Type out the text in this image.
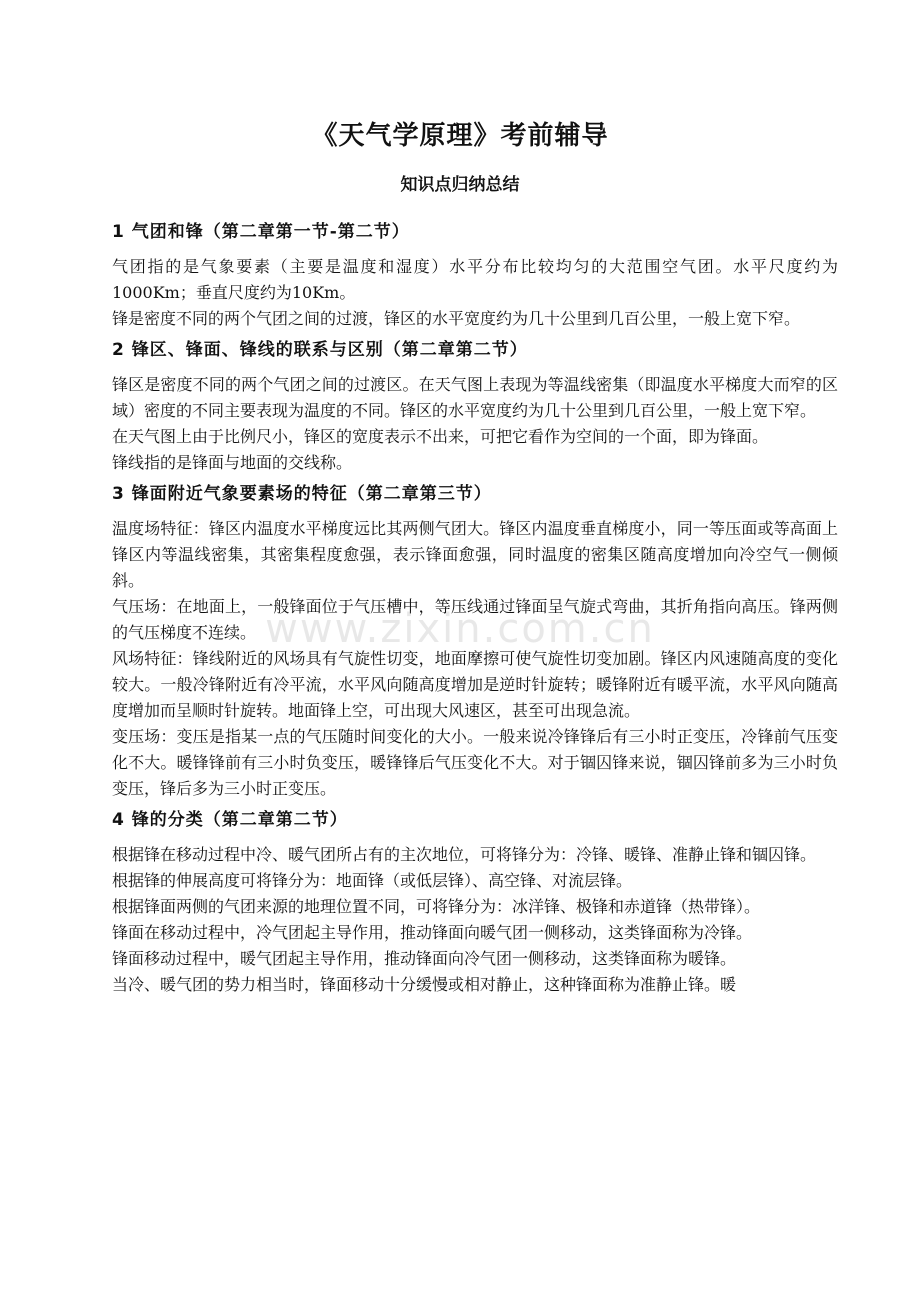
《天气学原理》考前辅导
知识点归纳总结
1 气团和锋（第二章第一节-第二节）

气团指的是气象要素（主要是温度和湿度）水平分布比较均匀的大范围空气团。水平尺度约为1000Km；垂直尺度约为10Km。

锋是密度不同的两个气团之间的过渡，锋区的水平宽度约为几十公里到几百公里，一般上宽下窄。

2 锋区、锋面、锋线的联系与区别（第二章第二节）

锋区是密度不同的两个气团之间的过渡区。在天气图上表现为等温线密集（即温度水平梯度大而窄的区域）密度的不同主要表现为温度的不同。锋区的水平宽度约为几十公里到几百公里，一般上宽下窄。

在天气图上由于比例尺小，锋区的宽度表示不出来，可把它看作为空间的一个面，即为锋面。

锋线指的是锋面与地面的交线称。

3 锋面附近气象要素场的特征（第二章第三节）

温度场特征：锋区内温度水平梯度远比其两侧气团大。锋区内温度垂直梯度小，同一等压面或等高面上锋区内等温线密集，其密集程度愈强，表示锋面愈强，同时温度的密集区随高度增加向冷空气一侧倾斜。

气压场：在地面上，一般锋面位于气压槽中，等压线通过锋面呈气旋式弯曲，其折角指向高压。锋两侧的气压梯度不连续。

风场特征：锋线附近的风场具有气旋性切变，地面摩擦可使气旋性切变加剧。锋区内风速随高度的变化较大。一般冷锋附近有冷平流，水平风向随高度增加是逆时针旋转；暖锋附近有暖平流，水平风向随高度增加而呈顺时针旋转。地面锋上空，可出现大风速区，甚至可出现急流。

变压场：变压是指某一点的气压随时间变化的大小。一般来说冷锋锋后有三小时正变压，冷锋前气压变化不大。暖锋锋前有三小时负变压，暖锋锋后气压变化不大。对于锢囚锋来说，锢囚锋前多为三小时负变压，锋后多为三小时正变压。

4 锋的分类（第二章第二节）

根据锋在移动过程中冷、暖气团所占有的主次地位，可将锋分为：冷锋、暖锋、准静止锋和锢囚锋。

根据锋的伸展高度可将锋分为：地面锋（或低层锋）、高空锋、对流层锋。

根据锋面两侧的气团来源的地理位置不同，可将锋分为：冰洋锋、极锋和赤道锋（热带锋）。

锋面在移动过程中，冷气团起主导作用，推动锋面向暖气团一侧移动，这类锋面称为冷锋。

锋面移动过程中，暖气团起主导作用，推动锋面向冷气团一侧移动，这类锋面称为暖锋。

当冷、暖气团的势力相当时，锋面移动十分缓慢或相对静止，这种锋面称为准静止锋。暖

www.zixin.com.cn
